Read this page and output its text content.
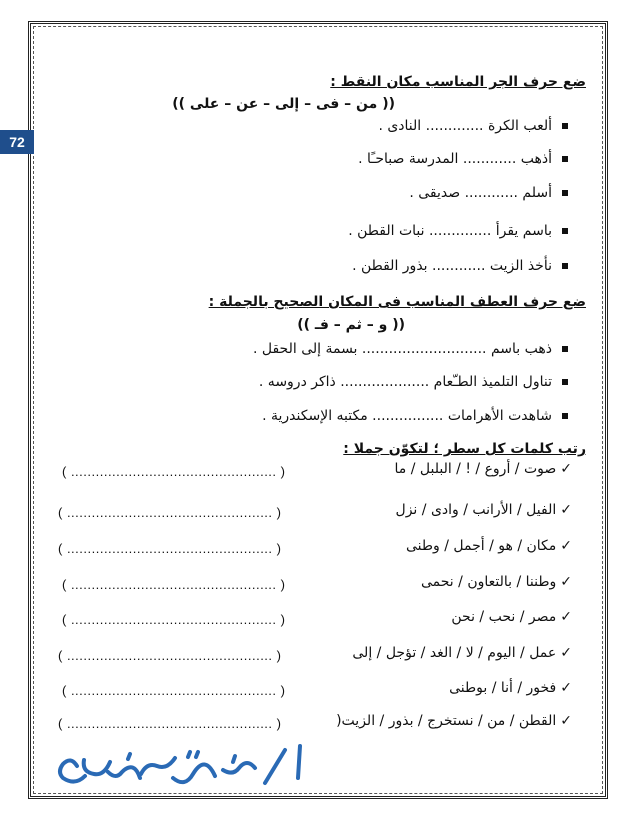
72
ضع حرف الجر المناسب مكان النقط :
(( من – فى – إلى – عن – على ))
ألعب الكرة ............. النادى .
أذهب ............ المدرسة صباحـًا .
أسلم ............ صديقى .
باسم يقرأ .............. نبات القطن .
نأخذ الزيت ............ بذور القطن .
ضع حرف العطف المناسب فى المكان الصحيح بالجملة :
(( و – ثم – فـ ))
ذهب باسم ............................ بسمة إلى الحقل .
تناول التلميذ الطـّعام .................... ذاكر دروسه .
شاهدت الأهرامات ................ مكتبه الإسكندرية .
رتب كلمات كل سطر ؛ لتكوّن جملا :
✓صوت / أروع / ! / البلبل / ما
( .................................................. )
✓الفيل / الأرانب / وادى / نزل
( .................................................. )
✓مكان / هو / أجمل / وطنى
( .................................................. )
✓وطننا / بالتعاون / نحمى
( .................................................. )
✓مصر / نحب / نحن
( .................................................. )
✓عمل / اليوم / لا / الغد / تؤجل / إلى
( .................................................. )
✓فخور / أنا / بوطنى
( .................................................. )
✓القطن / من / نستخرج / بذور / الزيت(
( .................................................. )
